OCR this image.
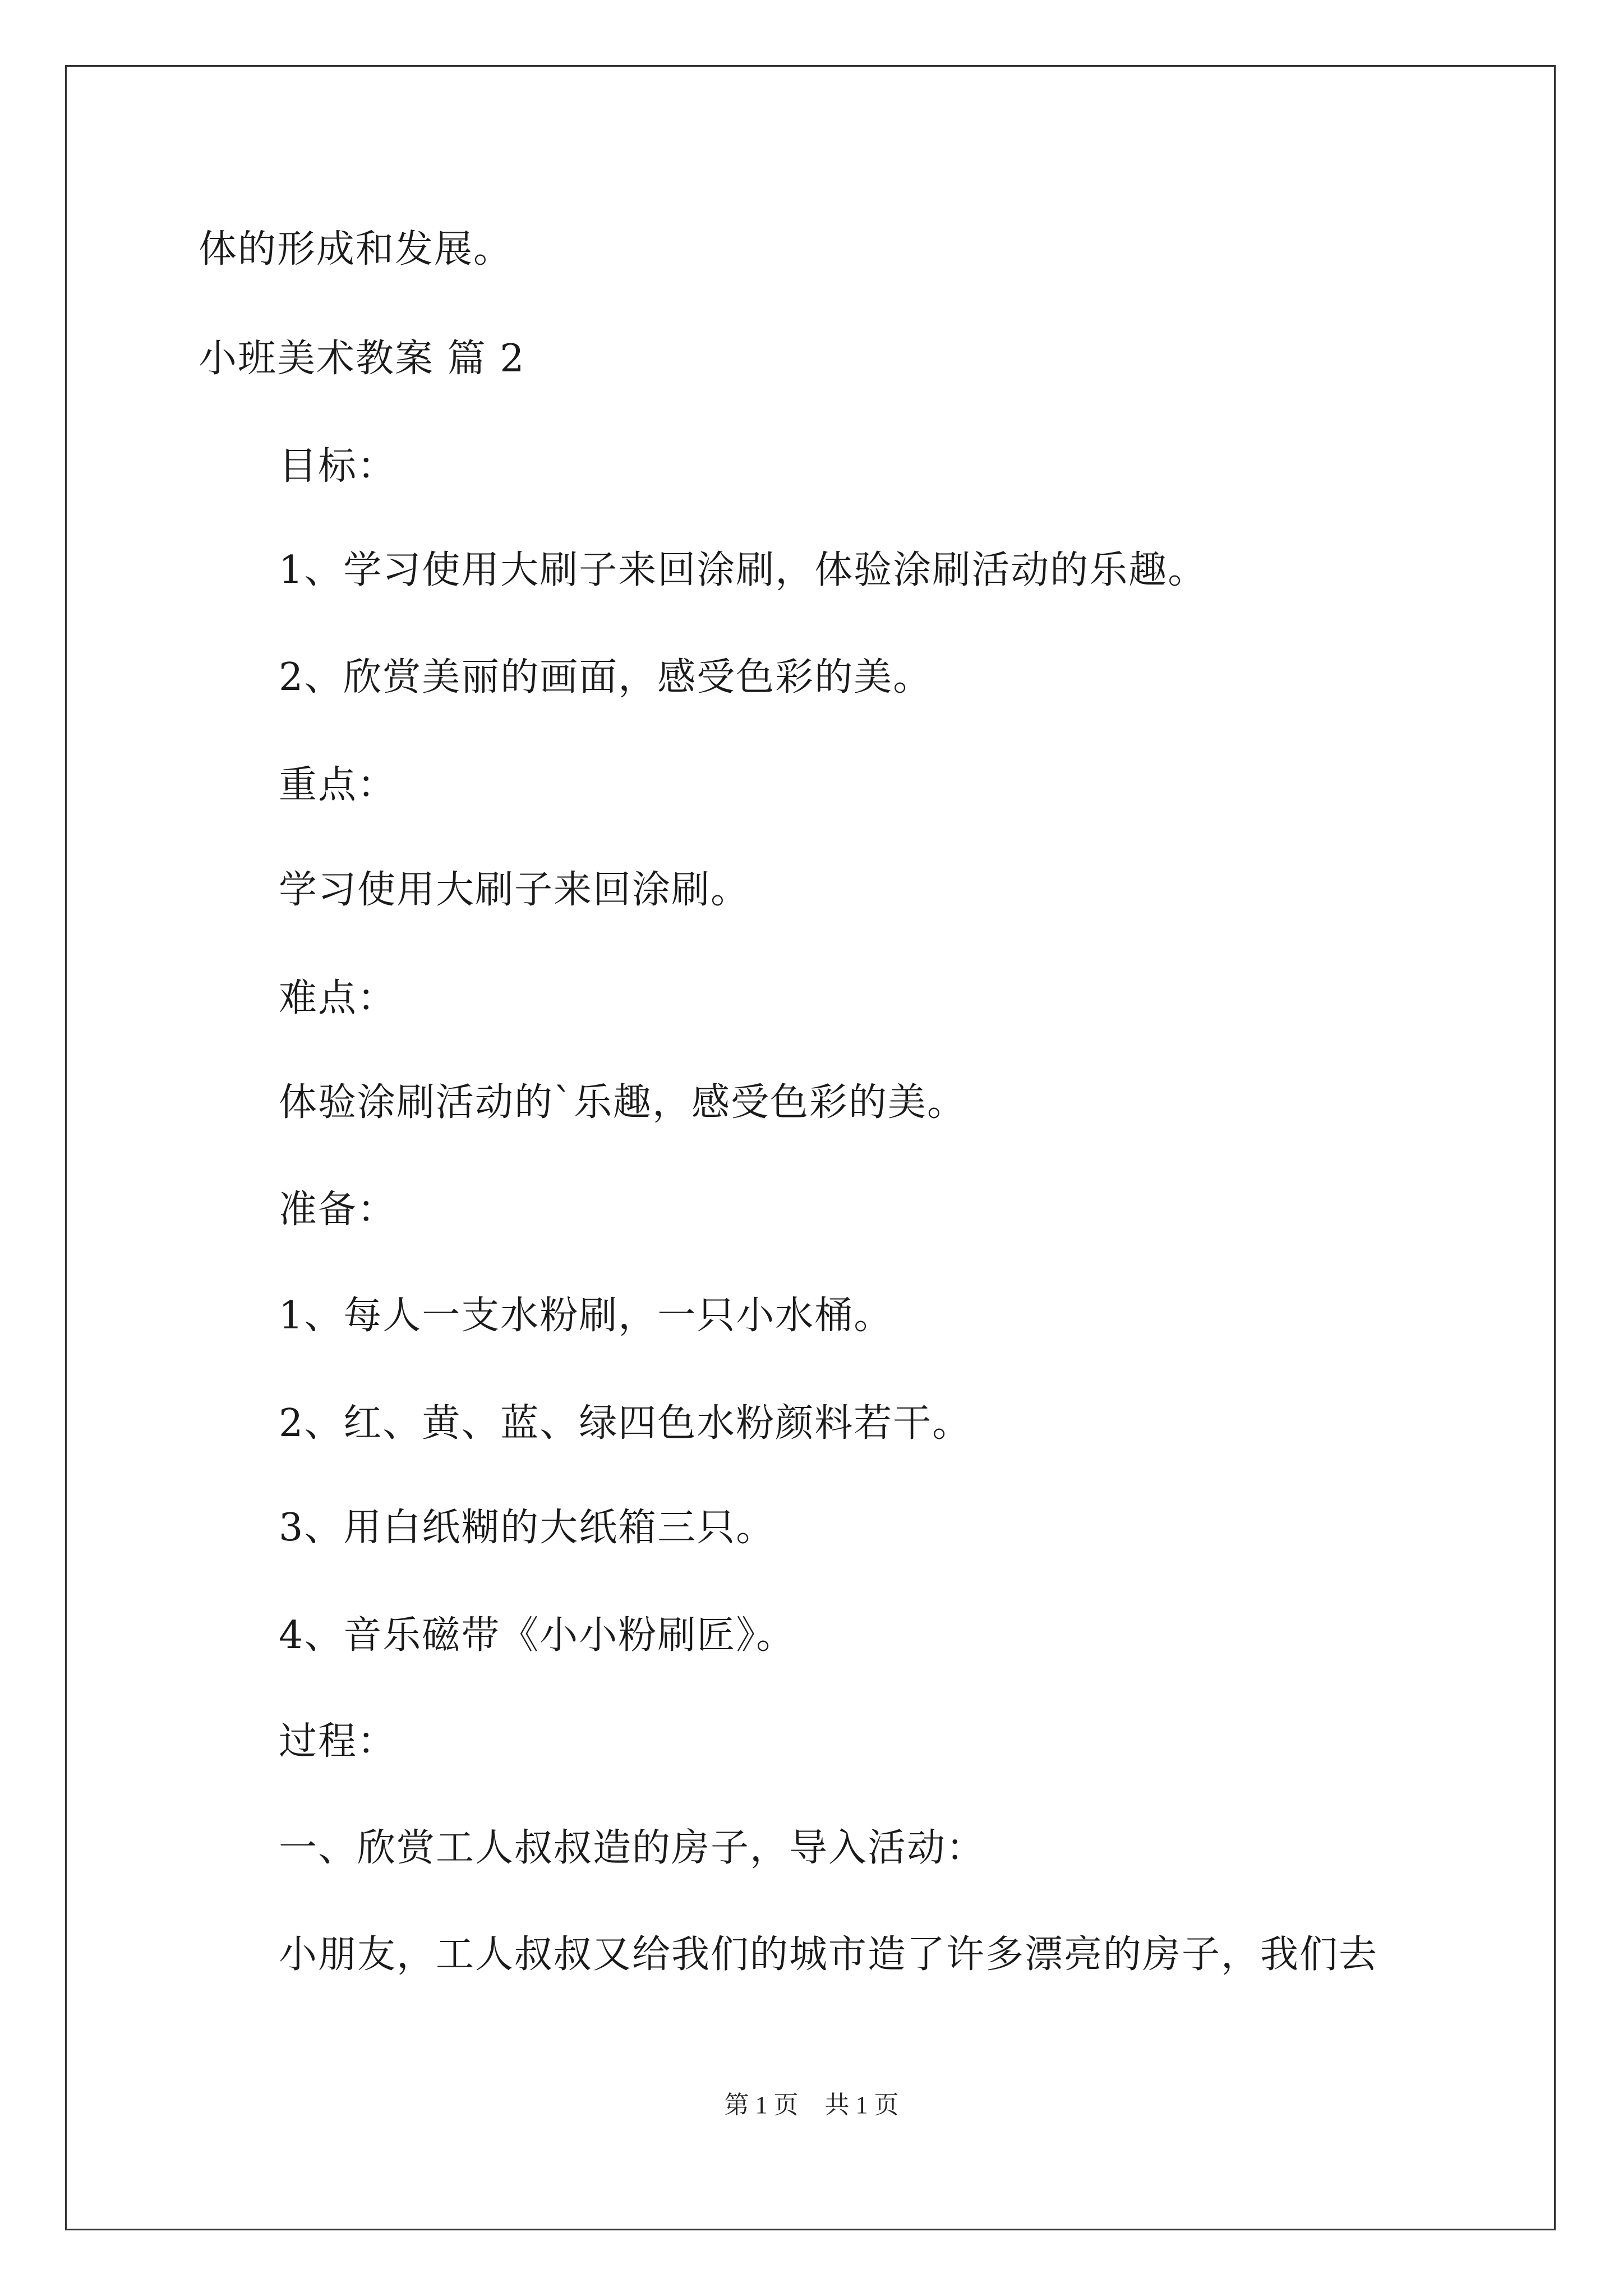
体的形成和发展。

小班美术教案 篇 2

目标：

1、学习使用大刷子来回涂刷，体验涂刷活动的乐趣。

2、欣赏美丽的画面，感受色彩的美。

重点：

学习使用大刷子来回涂刷。

难点：

体验涂刷活动的`乐趣，感受色彩的美。

准备：

1、每人一支水粉刷，一只小水桶。

2、红、黄、蓝、绿四色水粉颜料若干。

3、用白纸糊的大纸箱三只。

4、音乐磁带《小小粉刷匠》。

过程：

一、欣赏工人叔叔造的房子，导入活动：

小朋友，工人叔叔又给我们的城市造了许多漂亮的房子，我们去

第 1 页 共 1 页
